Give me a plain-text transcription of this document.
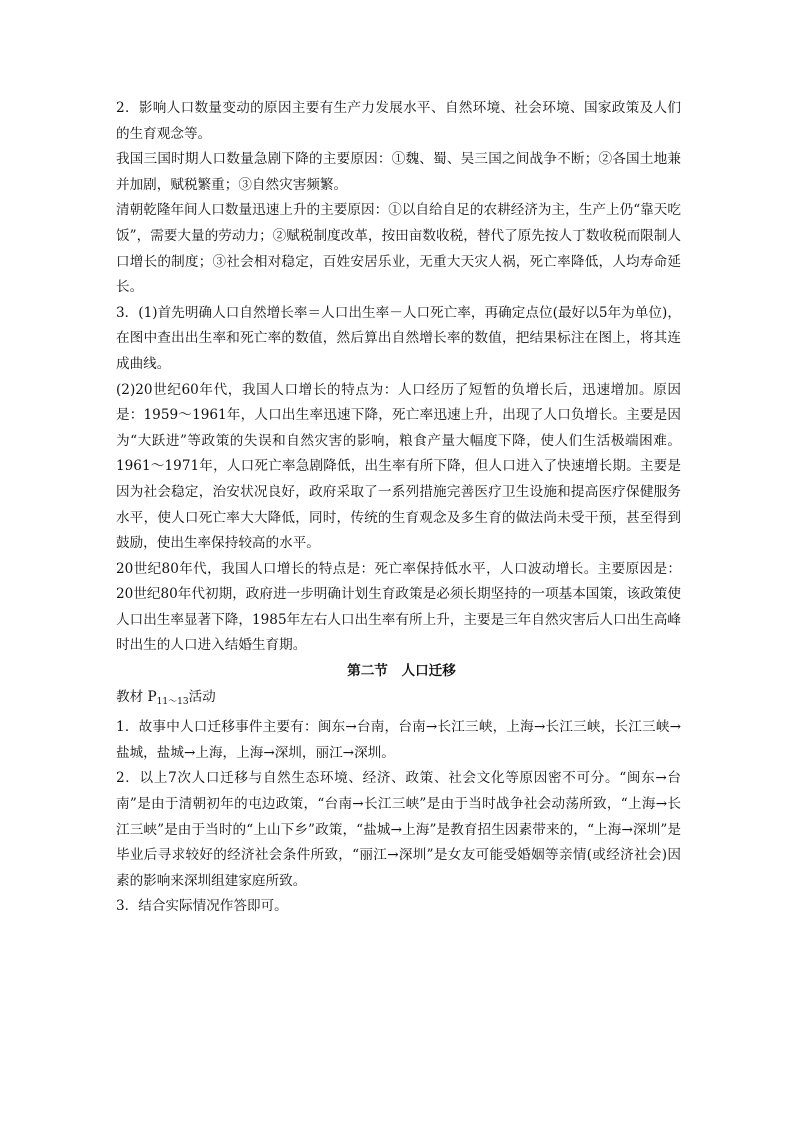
2．影响人口数量变动的原因主要有生产力发展水平、自然环境、社会环境、国家政策及人们的生育观念等。

我国三国时期人口数量急剧下降的主要原因：①魏、蜀、吴三国之间战争不断；②各国土地兼并加剧，赋税繁重；③自然灾害频繁。

清朝乾隆年间人口数量迅速上升的主要原因：①以自给自足的农耕经济为主，生产上仍“靠天吃饭”，需要大量的劳动力；②赋税制度改革，按田亩数收税，替代了原先按人丁数收税而限制人口增长的制度；③社会相对稳定，百姓安居乐业，无重大天灾人祸，死亡率降低，人均寿命延长。

3．(1)首先明确人口自然增长率＝人口出生率－人口死亡率，再确定点位(最好以5年为单位)，在图中查出出生率和死亡率的数值，然后算出自然增长率的数值，把结果标注在图上，将其连成曲线。

(2)20世纪60年代，我国人口增长的特点为：人口经历了短暂的负增长后，迅速增加。原因是：1959～1961年，人口出生率迅速下降，死亡率迅速上升，出现了人口负增长。主要是因为“大跃进”等政策的失误和自然灾害的影响，粮食产量大幅度下降，使人们生活极端困难。1961～1971年，人口死亡率急剧降低，出生率有所下降，但人口进入了快速增长期。主要是因为社会稳定，治安状况良好，政府采取了一系列措施完善医疗卫生设施和提高医疗保健服务水平，使人口死亡率大大降低，同时，传统的生育观念及多生育的做法尚未受干预，甚至得到鼓励，使出生率保持较高的水平。

20世纪80年代，我国人口增长的特点是：死亡率保持低水平，人口波动增长。主要原因是：20世纪80年代初期，政府进一步明确计划生育政策是必须长期坚持的一项基本国策，该政策使人口出生率显著下降，1985年左右人口出生率有所上升，主要是三年自然灾害后人口出生高峰时出生的人口进入结婚生育期。

第二节　人口迁移

教材 $P_{11\sim 13}$活动

1．故事中人口迁移事件主要有：闽东→台南，台南→长江三峡，上海→长江三峡，长江三峡→盐城，盐城→上海，上海→深圳，丽江→深圳。

2．以上7次人口迁移与自然生态环境、经济、政策、社会文化等原因密不可分。“闽东→台南”是由于清朝初年的屯边政策，“台南→长江三峡”是由于当时战争社会动荡所致，“上海→长江三峡”是由于当时的“上山下乡”政策，“盐城→上海”是教育招生因素带来的，“上海→深圳”是毕业后寻求较好的经济社会条件所致，“丽江→深圳”是女友可能受婚姻等亲情(或经济社会)因素的影响来深圳组建家庭所致。

3．结合实际情况作答即可。
